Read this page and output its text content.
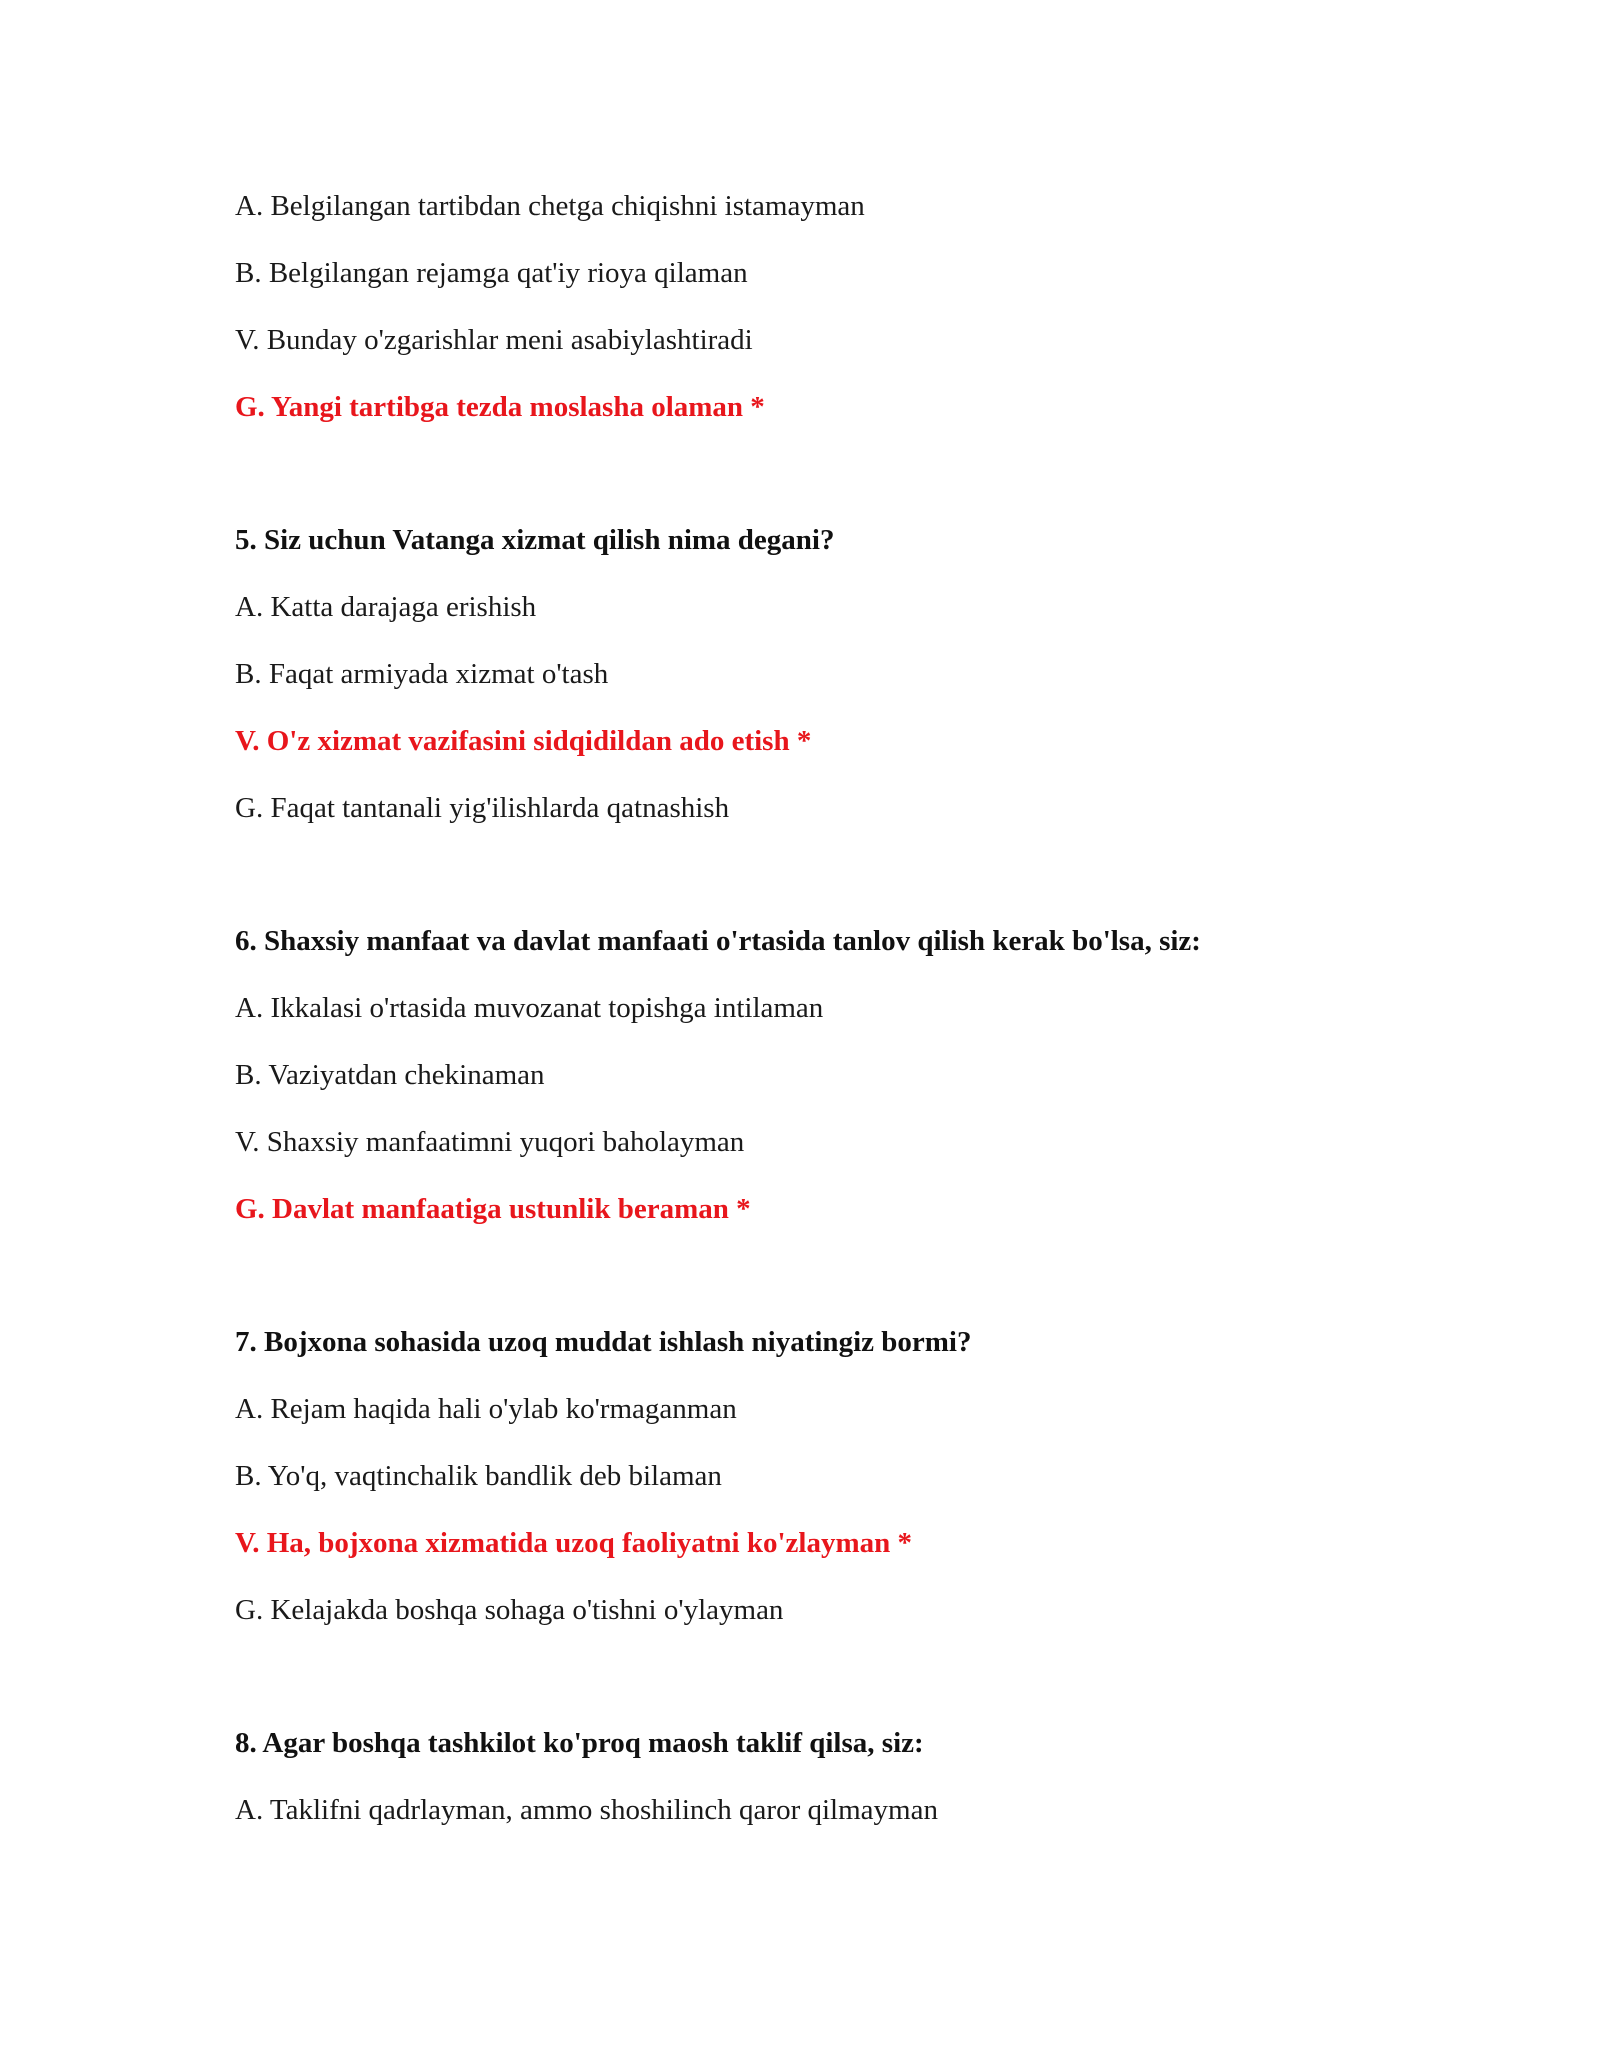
A. Belgilangan tartibdan chetga chiqishni istamayman
B. Belgilangan rejamga qat'iy rioya qilaman
V. Bunday o'zgarishlar meni asabiylashtiradi
G. Yangi tartibga tezda moslasha olaman *
5. Siz uchun Vatanga xizmat qilish nima degani?
A. Katta darajaga erishish
B. Faqat armiyada xizmat o'tash
V. O'z xizmat vazifasini sidqidildan ado etish *
G. Faqat tantanali yig'ilishlarda qatnashish
6. Shaxsiy manfaat va davlat manfaati o'rtasida tanlov qilish kerak bo'lsa, siz:
A. Ikkalasi o'rtasida muvozanat topishga intilaman
B. Vaziyatdan chekinaman
V. Shaxsiy manfaatimni yuqori baholayman
G. Davlat manfaatiga ustunlik beraman *
7. Bojxona sohasida uzoq muddat ishlash niyatingiz bormi?
A. Rejam haqida hali o'ylab ko'rmaganman
B. Yo'q, vaqtinchalik bandlik deb bilaman
V. Ha, bojxona xizmatida uzoq faoliyatni ko'zlayman *
G. Kelajakda boshqa sohaga o'tishni o'ylayman
8. Agar boshqa tashkilot ko'proq maosh taklif qilsa, siz:
A. Taklifni qadrlayman, ammo shoshilinch qaror qilmayman
